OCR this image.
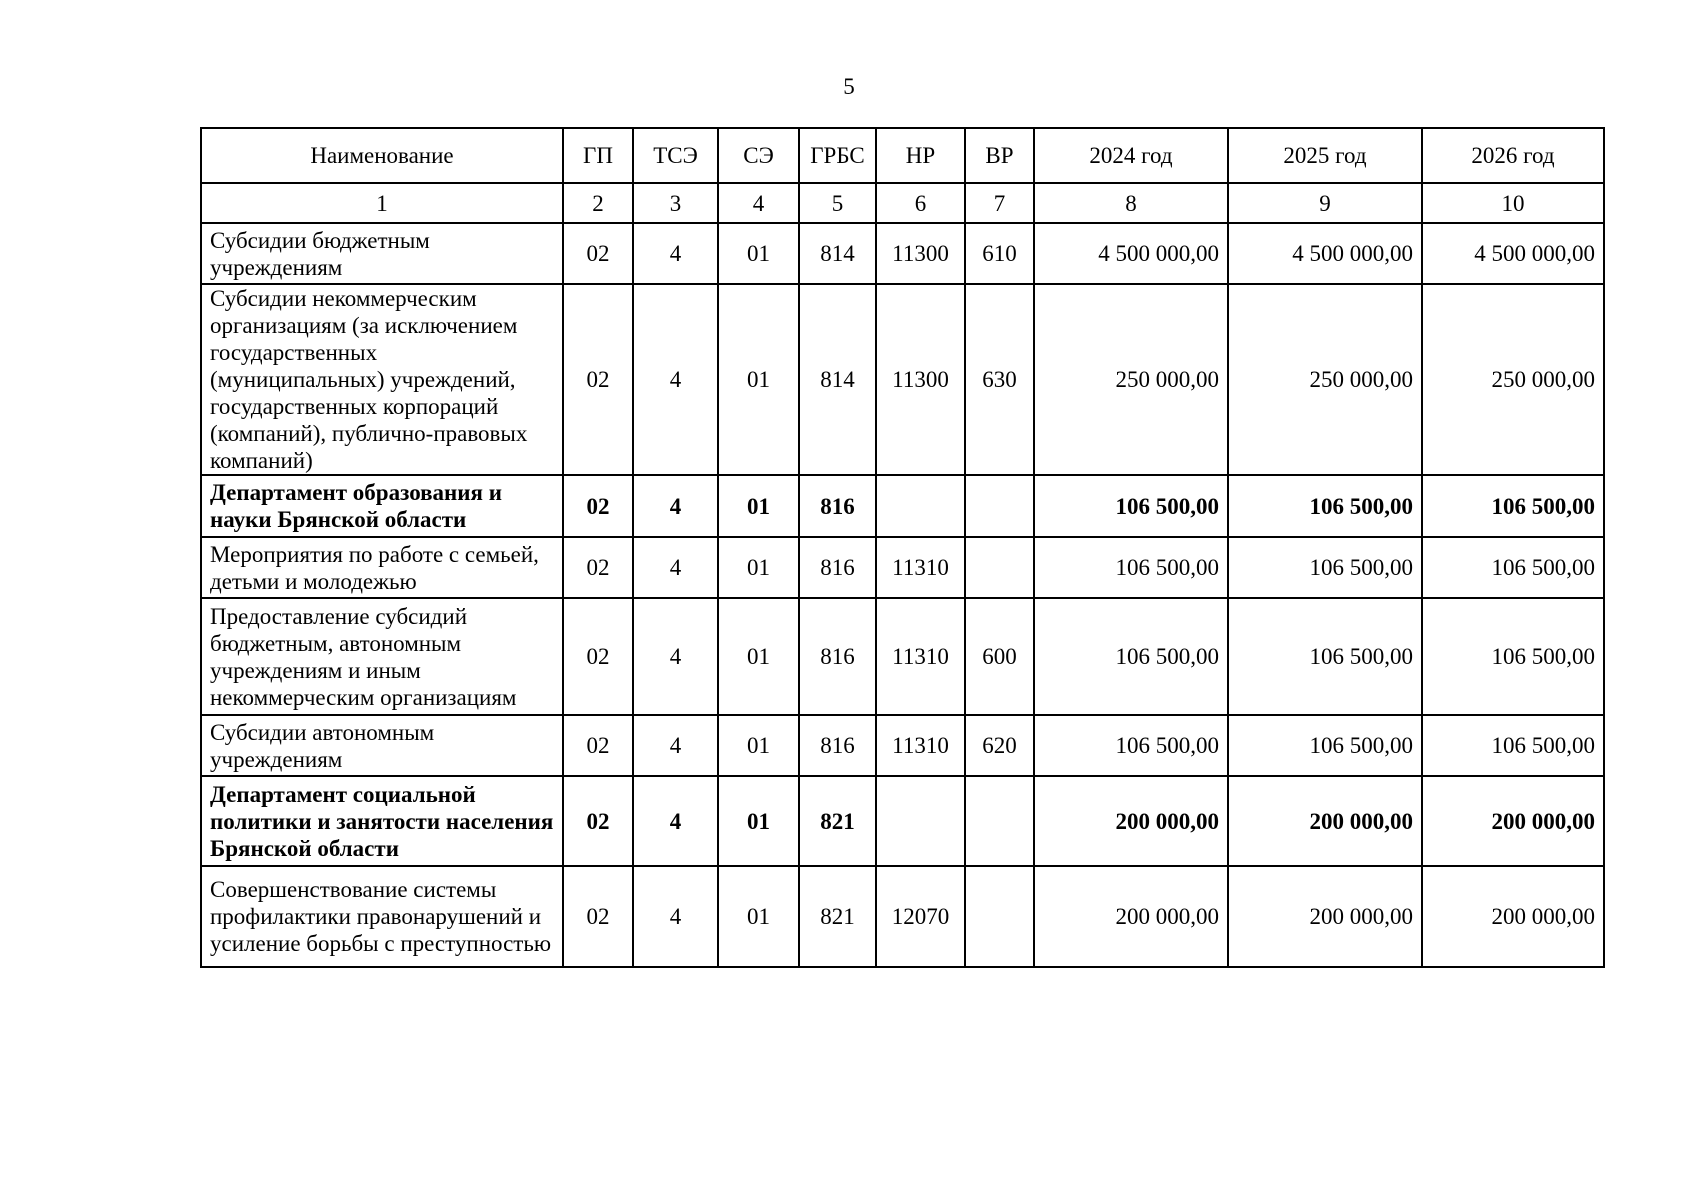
5
Наименование	ГП	ТСЭ	СЭ	ГРБС	НР	ВР	2024 год	2025 год	2026 год
1	2	3	4	5	6	7	8	9	10
Субсидии бюджетным учреждениям	02	4	01	814	11300	610	4 500 000,00	4 500 000,00	4 500 000,00
Субсидии некоммерческим организациям (за исключением государственных (муниципальных) учреждений, государственных корпораций (компаний), публично-правовых компаний)	02	4	01	814	11300	630	250 000,00	250 000,00	250 000,00
Департамент образования и науки Брянской области	02	4	01	816			106 500,00	106 500,00	106 500,00
Мероприятия по работе с семьей, детьми и молодежью	02	4	01	816	11310		106 500,00	106 500,00	106 500,00
Предоставление субсидий бюджетным, автономным учреждениям и иным некоммерческим организациям	02	4	01	816	11310	600	106 500,00	106 500,00	106 500,00
Субсидии автономным учреждениям	02	4	01	816	11310	620	106 500,00	106 500,00	106 500,00
Департамент социальной политики и занятости населения Брянской области	02	4	01	821			200 000,00	200 000,00	200 000,00
Совершенствование системы профилактики правонарушений и усиление борьбы с преступностью	02	4	01	821	12070		200 000,00	200 000,00	200 000,00
